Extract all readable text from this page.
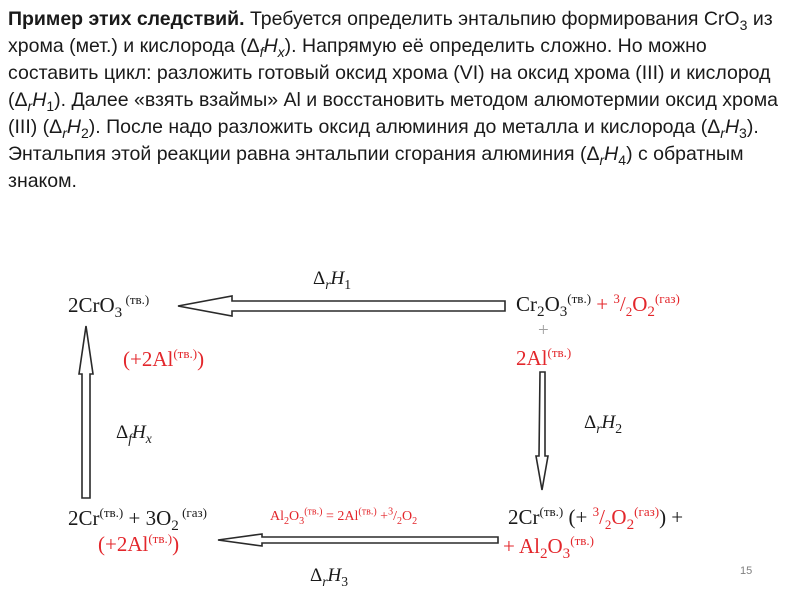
Пример этих следствий. Требуется определить энтальпию формирования CrO$_3$ из хрома (мет.) и кислорода $(\Delta_fH_x)$. Напрямую её определить сложно. Но можно составить цикл: разложить готовый оксид хрома (VI) на оксид хрома (III) и кислород $(\Delta_rH_1)$. Далее «взять взаймы» Al и восстановить методом алюмотермии оксид хрома (III) $(\Delta_rH_2)$. После надо разложить оксид алюминия до металла и кислорода $(\Delta_rH_3)$. Энтальпия этой реакции равна энтальпии сгорания алюминия $(\Delta_rH_4)$ с обратным знаком.

$\Delta_rH_1$
$\Delta_fH_x$
$\Delta_rH_2$
$\Delta_rH_3$
2CrO$_3$ $^{(тв.)}$
$(+2Al^{(тв.)})$
$Cr_2O_3^{(тв.)} + ^3/_2O_2^{(газ)}$
+
$2Al^{(тв.)}$
$2Cr^{(тв.)} + 3O_2$ $^{(газ)}$
$(+2Al^{(тв.)})$
$Al_2O_3^{(тв.)} = 2Al^{(тв.)} +^3/_2O_2$	$2Cr^{(тв.)}$ (+ $^3/_2O_2^{(газ)}$) +
+ $Al_2O_3^{(тв.)}$
15
